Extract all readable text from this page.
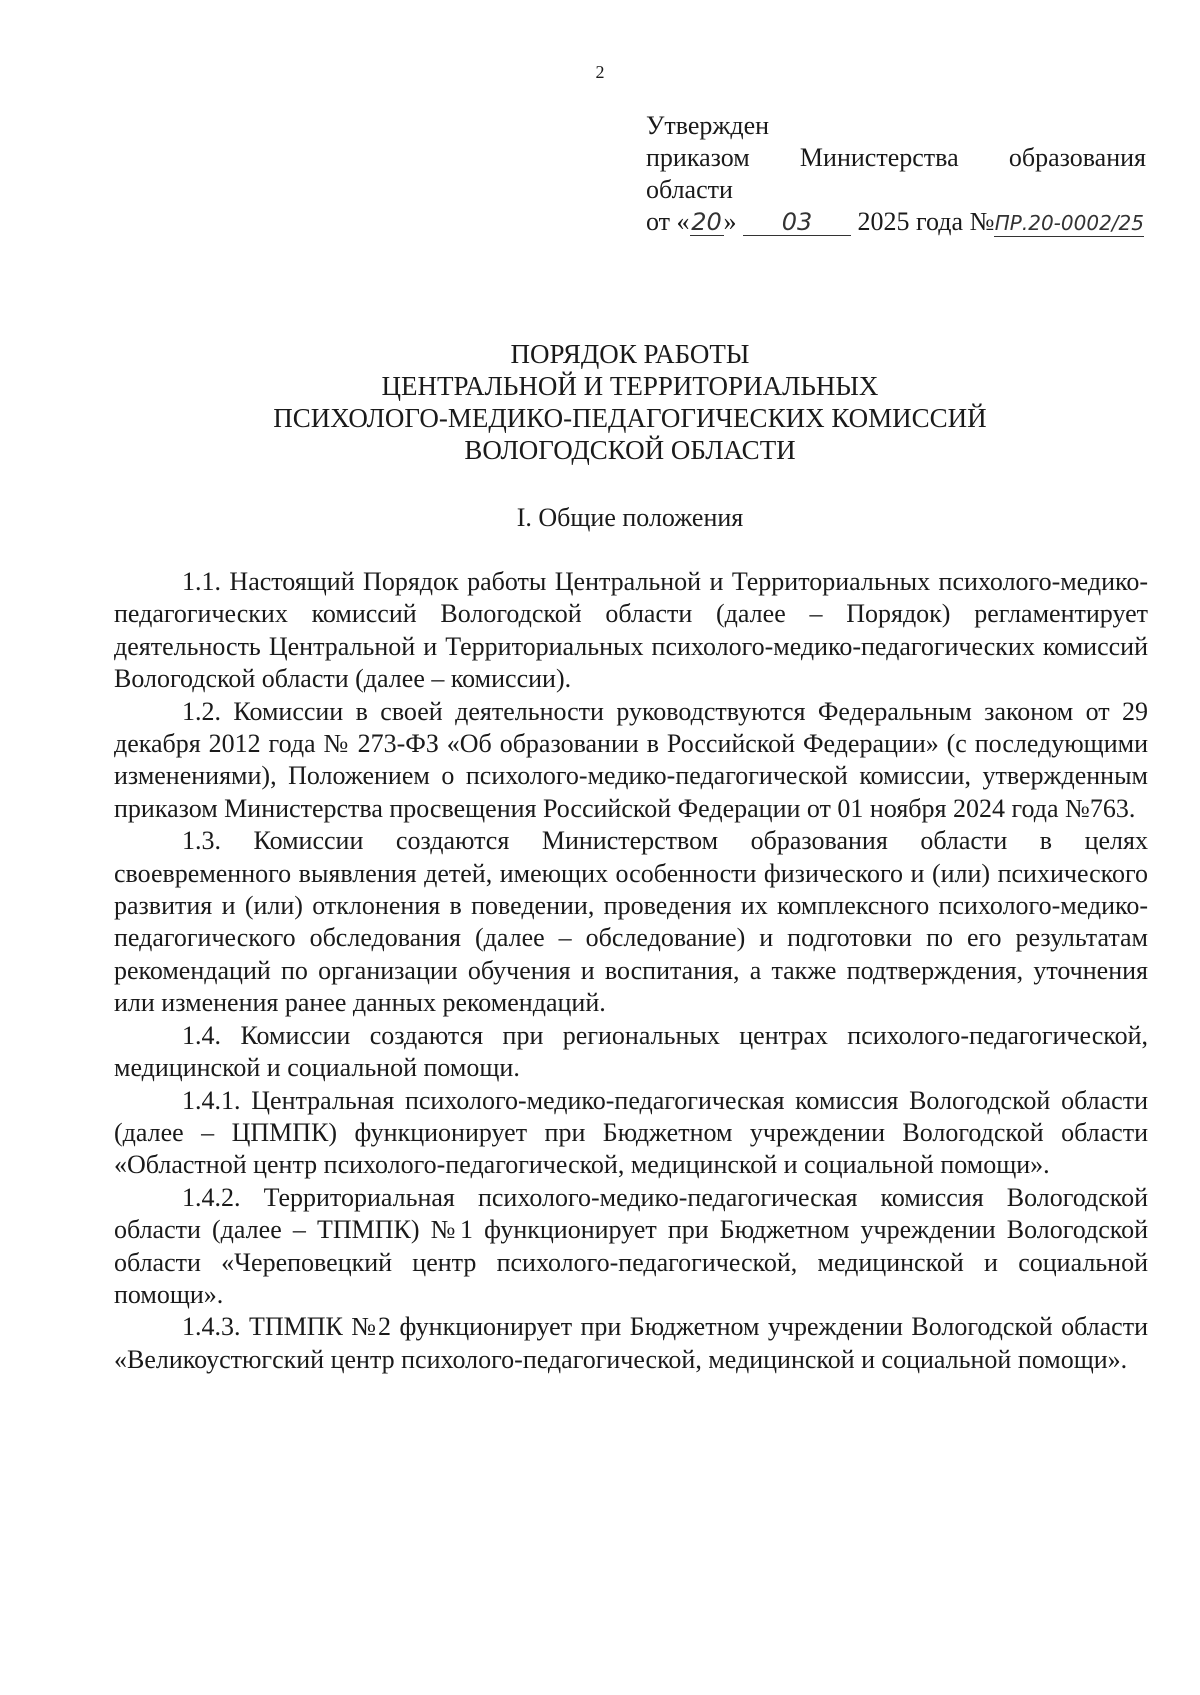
2
Утвержден
приказом Министерства образования
области
от «20» 03 2025 года №ПР.20-0002/25
ПОРЯДОК РАБОТЫ
ЦЕНТРАЛЬНОЙ И ТЕРРИТОРИАЛЬНЫХ
ПСИХОЛОГО-МЕДИКО-ПЕДАГОГИЧЕСКИХ КОМИССИЙ
ВОЛОГОДСКОЙ ОБЛАСТИ
I. Общие положения

1.1. Настоящий Порядок работы Центральной и Территориальных психолого-медико-педагогических комиссий Вологодской области (далее – Порядок) регламентирует деятельность Центральной и Территориальных психолого-медико-педагогических комиссий Вологодской области (далее – комиссии).

1.2. Комиссии в своей деятельности руководствуются Федеральным законом от 29 декабря 2012 года № 273-ФЗ «Об образовании в Российской Федерации» (с последующими изменениями), Положением о психолого-медико-педагогической комиссии, утвержденным приказом Министерства просвещения Российской Федерации от 01 ноября 2024 года №763.

1.3. Комиссии создаются Министерством образования области в целях своевременного выявления детей, имеющих особенности физического и (или) психического развития и (или) отклонения в поведении, проведения их комплексного психолого-медико-педагогического обследования (далее – обследование) и подготовки по его результатам рекомендаций по организации обучения и воспитания, а также подтверждения, уточнения или изменения ранее данных рекомендаций.

1.4. Комиссии создаются при региональных центрах психолого-педагогической, медицинской и социальной помощи.

1.4.1. Центральная психолого-медико-педагогическая комиссия Вологодской области (далее – ЦПМПК) функционирует при Бюджетном учреждении Вологодской области «Областной центр психолого-педагогической, медицинской и социальной помощи».

1.4.2. Территориальная психолого-медико-педагогическая комиссия Вологодской области (далее – ТПМПК) №1 функционирует при Бюджетном учреждении Вологодской области «Череповецкий центр психолого-педагогической, медицинской и социальной помощи».

1.4.3. ТПМПК №2 функционирует при Бюджетном учреждении Вологодской области «Великоустюгский центр психолого-педагогической, медицинской и социальной помощи».
